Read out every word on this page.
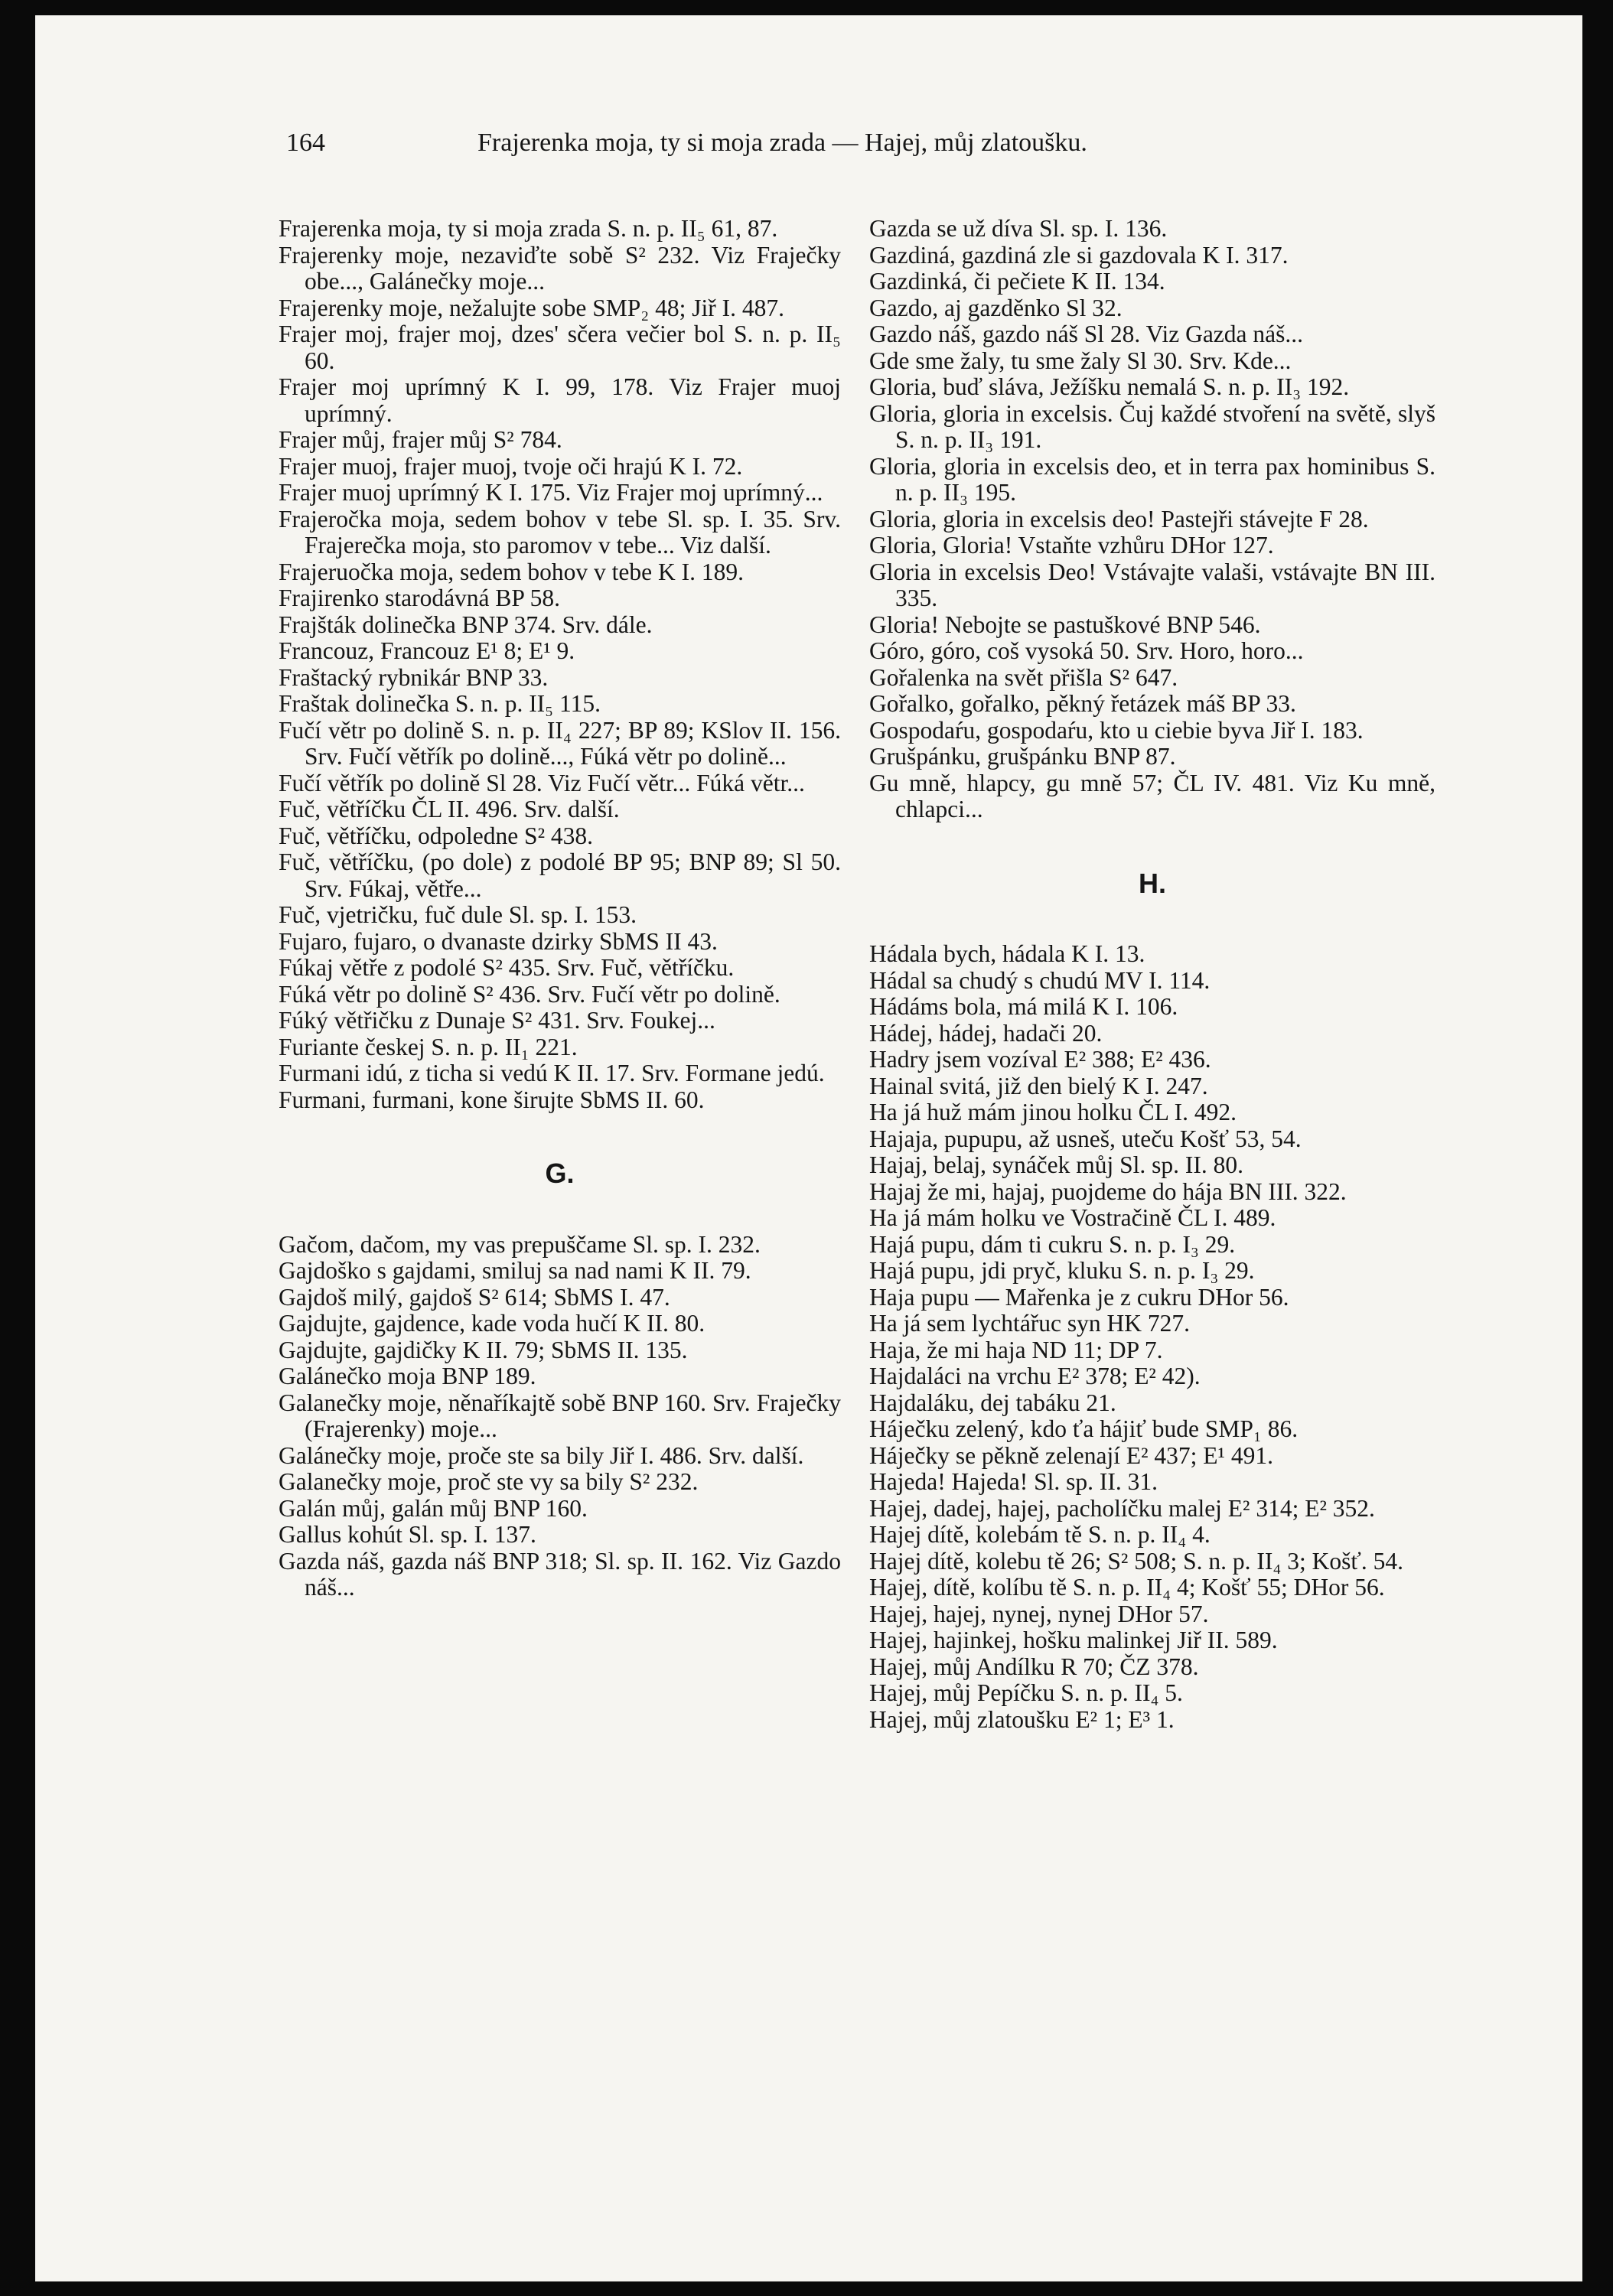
164	Frajerenka moja, ty si moja zrada — Hajej, můj zlatoušku.

Frajerenka moja, ty si moja zrada S. n. p. II₅ 61, 87.

Frajerenky moje, nezaviďte sobě S² 232. Viz Fraječky obe..., Galánečky moje...

Frajerenky moje, nežalujte sobe SMP₂ 48; Jiř I. 487.

Frajer moj, frajer moj, dzes' sčera večier bol S. n. p. II₅ 60.

Frajer moj uprímný K I. 99, 178. Viz Frajer muoj uprímný.

Frajer můj, frajer můj S² 784.

Frajer muoj, frajer muoj, tvoje oči hrajú K I. 72.

Frajer muoj uprímný K I. 175. Viz Frajer moj uprímný...

Frajeročka moja, sedem bohov v tebe Sl. sp. I. 35. Srv. Frajerečka moja, sto paromov v tebe... Viz další.

Frajeruočka moja, sedem bohov v tebe K I. 189.

Frajirenko starodávná BP 58.

Frajšták dolinečka BNP 374. Srv. dále.

Francouz, Francouz E¹ 8; E¹ 9.

Fraštacký rybnikár BNP 33.

Fraštak dolinečka S. n. p. II₅ 115.

Fučí větr po dolině S. n. p. II₄ 227; BP 89; KSlov II. 156. Srv. Fučí větřík po dolině..., Fúká větr po dolině...

Fučí větřík po dolině Sl 28. Viz Fučí větr... Fúká větr...

Fuč, větříčku ČL II. 496. Srv. další.

Fuč, větříčku, odpoledne S² 438.

Fuč, větříčku, (po dole) z podolé BP 95; BNP 89; Sl 50. Srv. Fúkaj, větře...

Fuč, vjetričku, fuč dule Sl. sp. I. 153.

Fujaro, fujaro, o dvanaste dzirky SbMS II 43.

Fúkaj větře z podolé S² 435. Srv. Fuč, větříčku.

Fúká větr po dolině S² 436. Srv. Fučí větr po dolině.

Fúký větřičku z Dunaje S² 431. Srv. Foukej...

Furiante českej S. n. p. II₁ 221.

Furmani idú, z ticha si vedú K II. 17. Srv. Formane jedú.

Furmani, furmani, kone širujte SbMS II. 60.

G.

Gačom, dačom, my vas prepuščame Sl. sp. I. 232.

Gajdoško s gajdami, smiluj sa nad nami K II. 79.

Gajdoš milý, gajdoš S² 614; SbMS I. 47.

Gajdujte, gajdence, kade voda hučí K II. 80.

Gajdujte, gajdičky K II. 79; SbMS II. 135.

Galánečko moja BNP 189.

Galanečky moje, něnaříkajtě sobě BNP 160. Srv. Fraječky (Frajerenky) moje...

Galánečky moje, proče ste sa bily Jiř I. 486. Srv. další.

Galanečky moje, proč ste vy sa bily S² 232.

Galán můj, galán můj BNP 160.

Gallus kohút Sl. sp. I. 137.

Gazda náš, gazda náš BNP 318; Sl. sp. II. 162. Viz Gazdo náš...

Gazda se už díva Sl. sp. I. 136.

Gazdiná, gazdiná zle si gazdovala K I. 317.

Gazdinká, či pečiete K II. 134.

Gazdo, aj gazděnko Sl 32.

Gazdo náš, gazdo náš Sl 28. Viz Gazda náš...

Gde sme žaly, tu sme žaly Sl 30. Srv. Kde...

Gloria, buď sláva, Ježíšku nemalá S. n. p. II₃ 192.

Gloria, gloria in excelsis. Čuj každé stvoření na světě, slyš S. n. p. II₃ 191.

Gloria, gloria in excelsis deo, et in terra pax hominibus S. n. p. II₃ 195.

Gloria, gloria in excelsis deo! Pastejři stávejte F 28.

Gloria, Gloria! Vstaňte vzhůru DHor 127.

Gloria in excelsis Deo! Vstávajte valaši, vstávajte BN III. 335.

Gloria! Nebojte se pastuškové BNP 546.

Góro, góro, coš vysoká 50. Srv. Horo, horo...

Gořalenka na svět přišla S² 647.

Gořalko, gořalko, pěkný řetázek máš BP 33.

Gospodaŕu, gospodaŕu, kto u ciebie byva Jiř I. 183.

Grušpánku, grušpánku BNP 87.

Gu mně, hlapcy, gu mně 57; ČL IV. 481. Viz Ku mně, chlapci...

H.

Hádala bych, hádala K I. 13.

Hádal sa chudý s chudú MV I. 114.

Hádáms bola, má milá K I. 106.

Hádej, hádej, hadači 20.

Hadry jsem vozíval E² 388; E² 436.

Hainal svitá, již den bielý K I. 247.

Ha já huž mám jinou holku ČL I. 492.

Hajaja, pupupu, až usneš, uteču Košť 53, 54.

Hajaj, belaj, synáček můj Sl. sp. II. 80.

Hajaj že mi, hajaj, puojdeme do hája BN III. 322.

Ha já mám holku ve Vostračině ČL I. 489.

Hajá pupu, dám ti cukru S. n. p. I₃ 29.

Hajá pupu, jdi pryč, kluku S. n. p. I₃ 29.

Haja pupu — Mařenka je z cukru DHor 56.

Ha já sem lychtářuc syn HK 727.

Haja, že mi haja ND 11; DP 7.

Hajdaláci na vrchu E² 378; E² 42).

Hajdaláku, dej tabáku 21.

Háječku zelený, kdo ťa hájiť bude SMP₁ 86.

Háječky se pěkně zelenají E² 437; E¹ 491.

Hajeda! Hajeda! Sl. sp. II. 31.

Hajej, dadej, hajej, pacholíčku malej E² 314; E² 352.

Hajej dítě, kolebám tě S. n. p. II₄ 4.

Hajej dítě, kolebu tě 26; S² 508; S. n. p. II₄ 3; Košť. 54.

Hajej, dítě, kolíbu tě S. n. p. II₄ 4; Košť 55; DHor 56.

Hajej, hajej, nynej, nynej DHor 57.

Hajej, hajinkej, hošku malinkej Jiř II. 589.

Hajej, můj Andílku R 70; ČZ 378.

Hajej, můj Pepíčku S. n. p. II₄ 5.

Hajej, můj zlatoušku E² 1; E³ 1.
